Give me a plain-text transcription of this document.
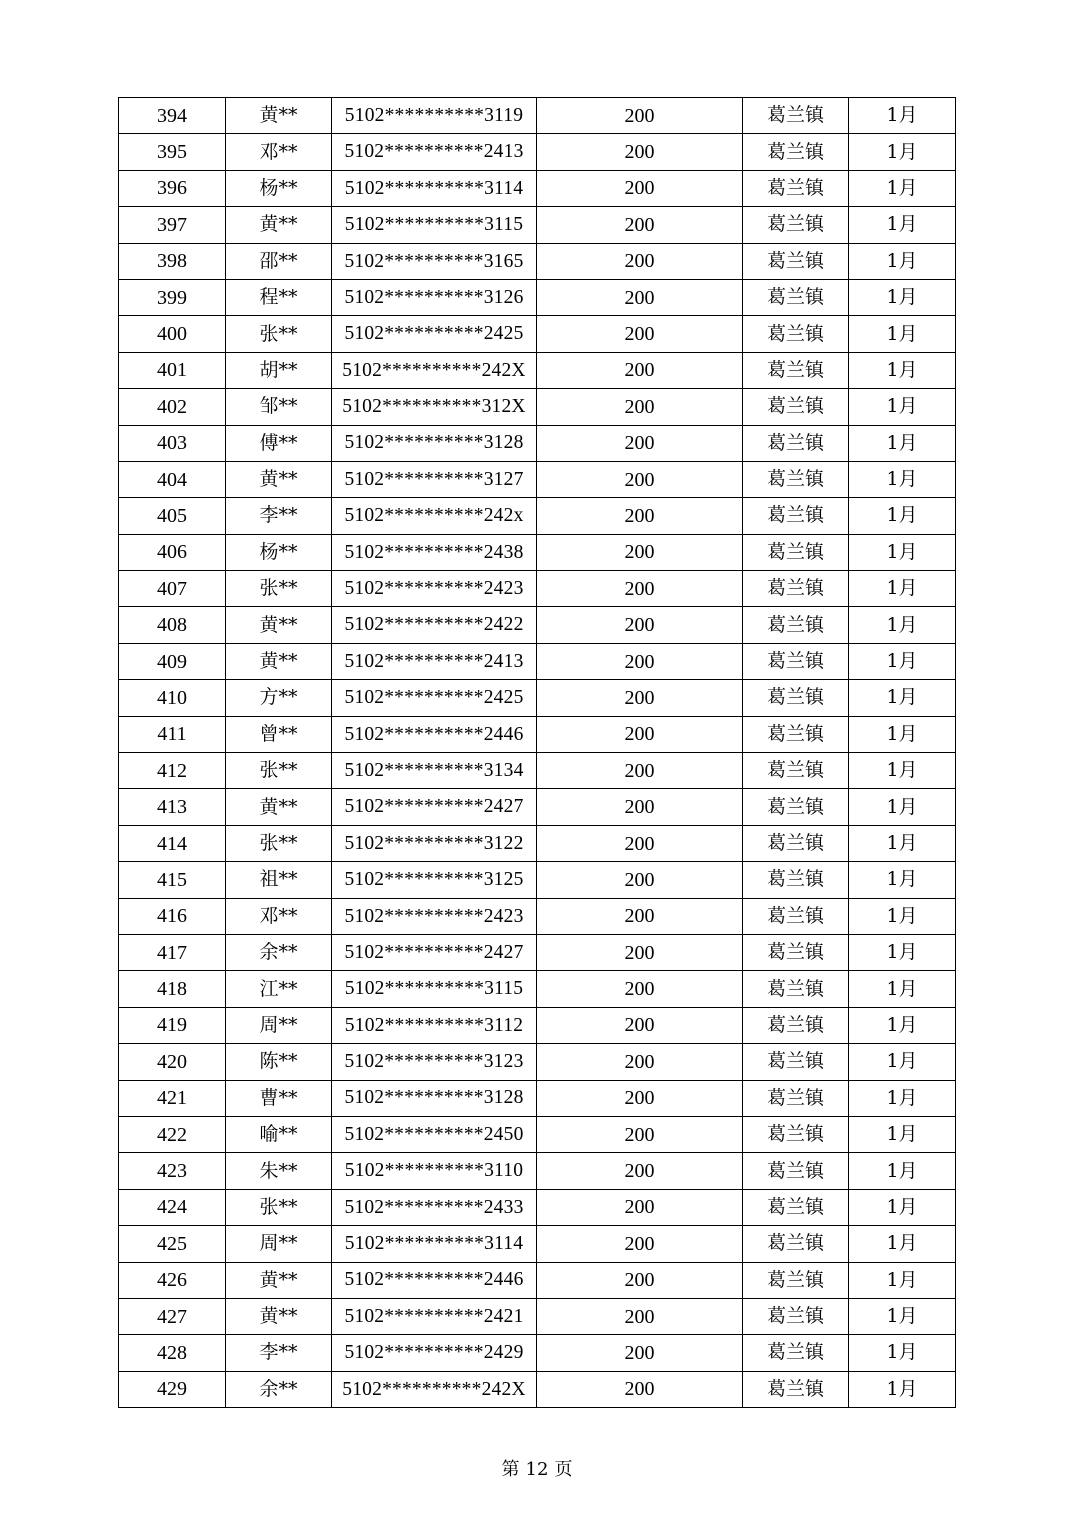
394	黄**	5102**********3119	200	葛兰镇	1月
395	邓**	5102**********2413	200	葛兰镇	1月
396	杨**	5102**********3114	200	葛兰镇	1月
397	黄**	5102**********3115	200	葛兰镇	1月
398	邵**	5102**********3165	200	葛兰镇	1月
399	程**	5102**********3126	200	葛兰镇	1月
400	张**	5102**********2425	200	葛兰镇	1月
401	胡**	5102**********242X	200	葛兰镇	1月
402	邹**	5102**********312X	200	葛兰镇	1月
403	傅**	5102**********3128	200	葛兰镇	1月
404	黄**	5102**********3127	200	葛兰镇	1月
405	李**	5102**********242x	200	葛兰镇	1月
406	杨**	5102**********2438	200	葛兰镇	1月
407	张**	5102**********2423	200	葛兰镇	1月
408	黄**	5102**********2422	200	葛兰镇	1月
409	黄**	5102**********2413	200	葛兰镇	1月
410	方**	5102**********2425	200	葛兰镇	1月
411	曾**	5102**********2446	200	葛兰镇	1月
412	张**	5102**********3134	200	葛兰镇	1月
413	黄**	5102**********2427	200	葛兰镇	1月
414	张**	5102**********3122	200	葛兰镇	1月
415	祖**	5102**********3125	200	葛兰镇	1月
416	邓**	5102**********2423	200	葛兰镇	1月
417	余**	5102**********2427	200	葛兰镇	1月
418	江**	5102**********3115	200	葛兰镇	1月
419	周**	5102**********3112	200	葛兰镇	1月
420	陈**	5102**********3123	200	葛兰镇	1月
421	曹**	5102**********3128	200	葛兰镇	1月
422	喻**	5102**********2450	200	葛兰镇	1月
423	朱**	5102**********3110	200	葛兰镇	1月
424	张**	5102**********2433	200	葛兰镇	1月
425	周**	5102**********3114	200	葛兰镇	1月
426	黄**	5102**********2446	200	葛兰镇	1月
427	黄**	5102**********2421	200	葛兰镇	1月
428	李**	5102**********2429	200	葛兰镇	1月
429	余**	5102**********242X	200	葛兰镇	1月
第 12 页
